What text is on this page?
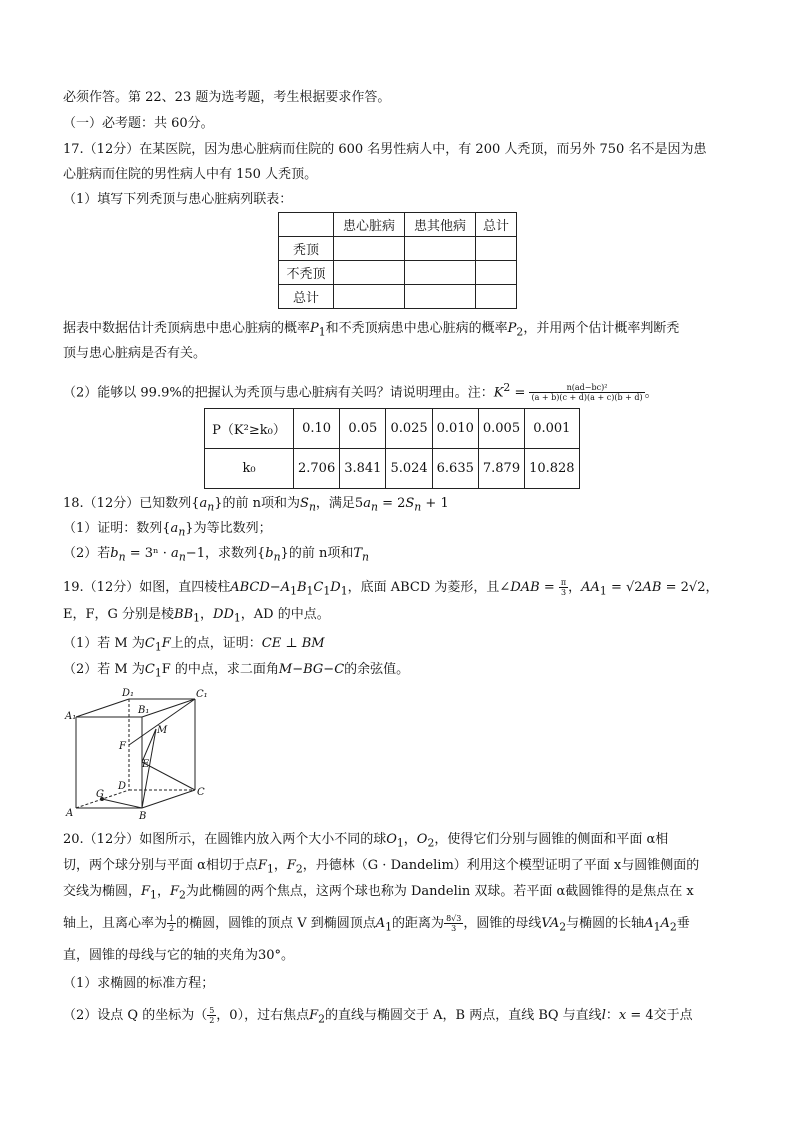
必须作答。第 22、23 题为选考题，考生根据要求作答。
（一）必考题：共 60分。
17.（12分）在某医院，因为患心脏病而住院的 600 名男性病人中，有 200 人秃顶，而另外 750 名不是因为患
心脏病而住院的男性病人中有 150 人秃顶。
（1）填写下列秃顶与患心脏病列联表：
	患心脏病	患其他病	总计
秃顶			
不秃顶			
总计			
据表中数据估计秃顶病患中患心脏病的概率$P_1$和不秃顶病患中患心脏病的概率$P_2$，并用两个估计概率判断秃
顶与患心脏病是否有关。
（2）能够以 99.9%的把握认为秃顶与患心脏病有关吗？请说明理由。注：$K^2 = \frac{\text{n(ad−bc)²}}{(a + b)(c + d)(a + c)(b + d)}$ 。
P（K²≥k₀）	0.10	0.05	0.025	0.010	0.005	0.001
k₀	2.706	3.841	5.024	6.635	7.879	10.828
18.（12分）已知数列$\{a_n\}$的前 n项和为$S_n$，满足$5a_n = 2S_n + 1$
（1）证明：数列$\{a_n\}$为等比数列；
（2）若$b_n = 3^n \cdot a_n-1$，求数列$\{b_n\}$的前 n项和$T_n$
19.（12分）如图，直四棱柱$ABCD-A_1B_1C_1D_1$，底面 ABCD 为菱形，且∠DAB = $\frac{\pi}{3}$ ，$AA_1 = √2AB = 2√2$，
E，F，G 分别是棱$BB_1$，$DD_1$，AD 的中点。
（1）若 M 为$C_1F$上的点，证明：CE ⊥ BM
（2）若 M 为$C_1F$ 的中点，求二面角M−BG−C的余弦值。
D₁	C₁
A₁
B₁
M
F
E
D
G
A	B
C
20.（12分）如图所示，在圆锥内放入两个大小不同的球$O_1$，$O_2$，使得它们分别与圆锥的侧面和平面 α相
切，两个球分别与平面 α相切于点$F_1$，$F_2$，丹德林（G · Dandelim）利用这个模型证明了平面 x与圆锥侧面的
交线为椭圆，$F_1$，$F_2$为此椭圆的两个焦点，这两个球也称为 Dandelin 双球。若平面 α截圆锥得的是焦点在 x
轴上，且离心率为 $\frac{1}{2}$ 的椭圆，圆锥的顶点 V 到椭圆顶点$A_1$的距离为 $\frac{8√3}{3}$ ，圆锥的母线$VA_2$与椭圆的长轴$A_1A_2$垂
直，圆锥的母线与它的轴的夹角为30°。
（1）求椭圆的标准方程；
（2）设点 Q 的坐标为（ $\frac{5}{2}$ ，0），过右焦点$F_2$的直线与椭圆交于 A，B 两点，直线 BQ 与直线l：x = 4交于点
